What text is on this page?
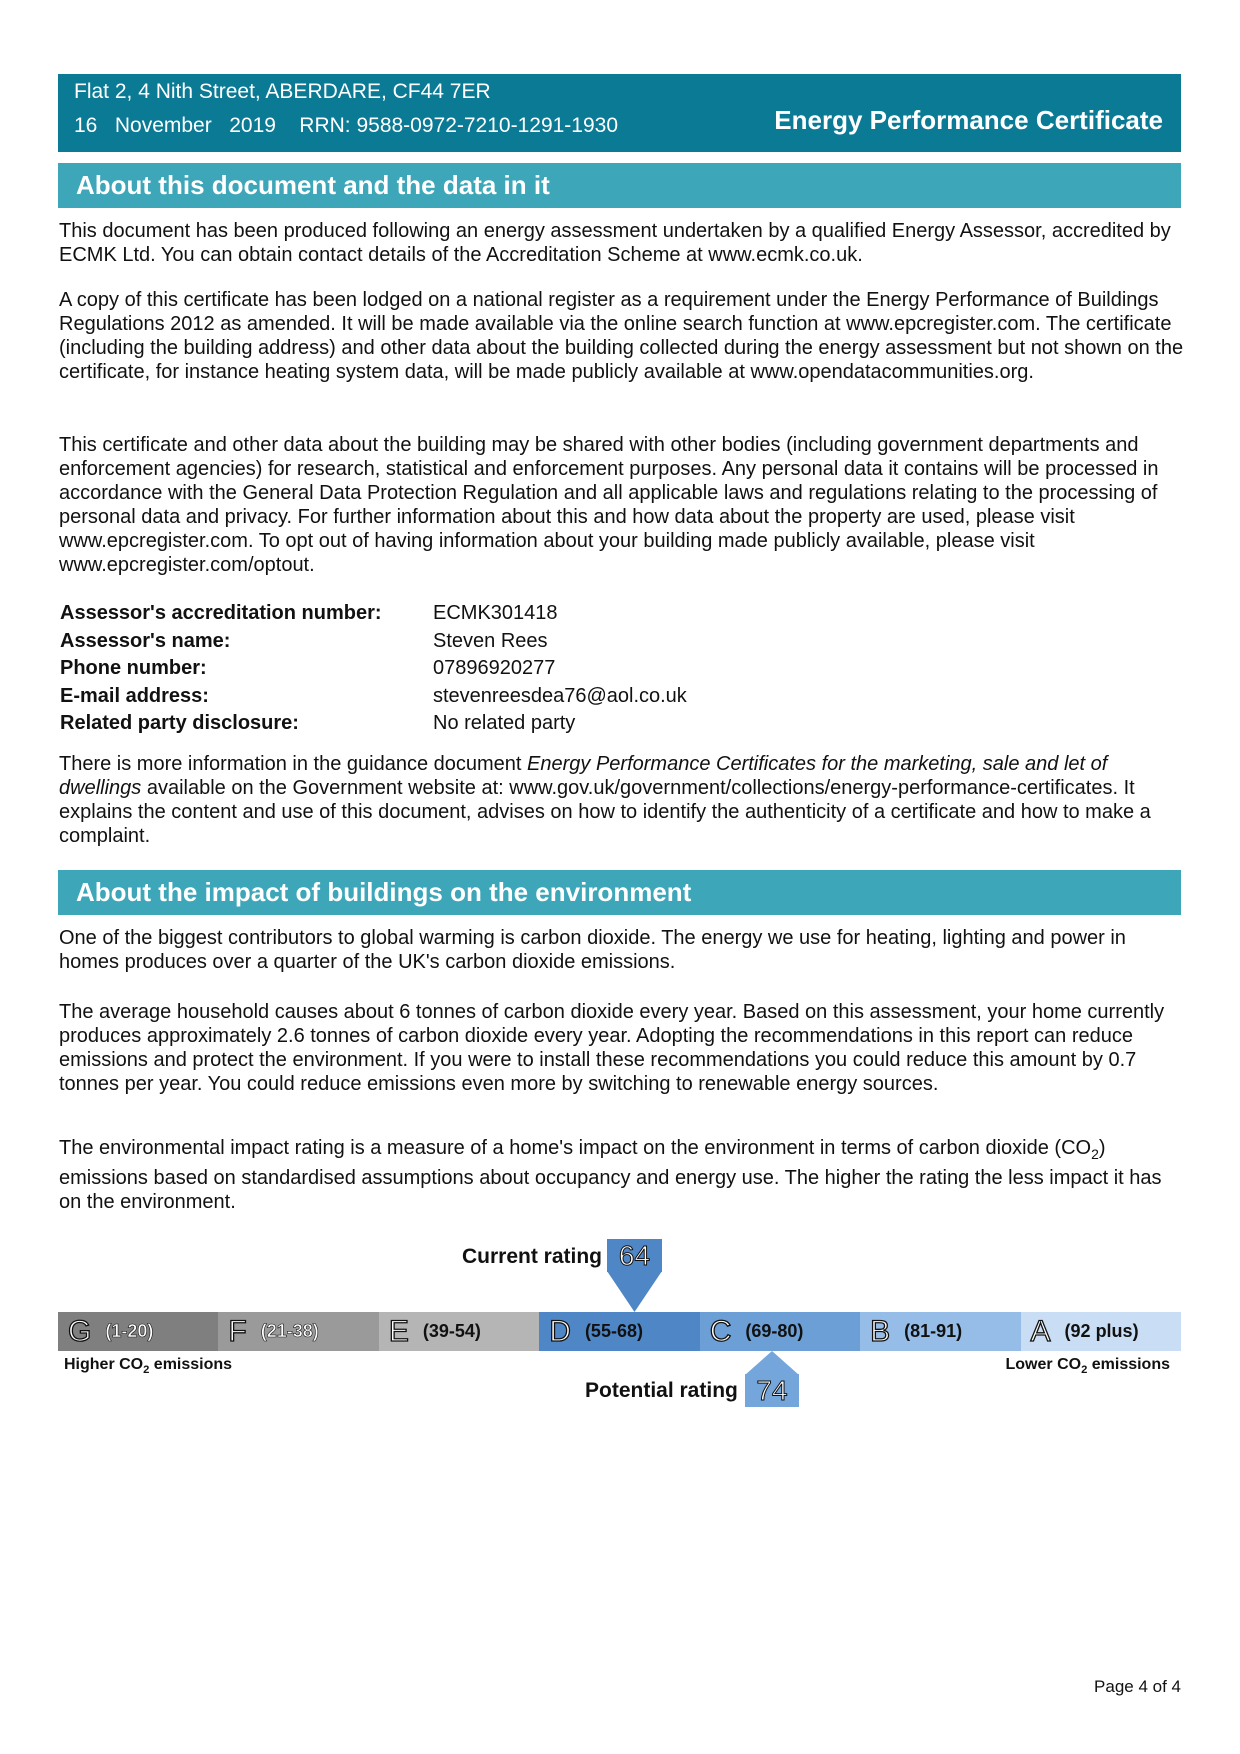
Flat 2, 4 Nith Street, ABERDARE, CF44 7ER
16   November   2019 RRN: 9588-0972-7210-1291-1930	Energy Performance Certificate
About this document and the data in it

This document has been produced following an energy assessment undertaken by a qualified Energy Assessor, accredited by ECMK Ltd. You can obtain contact details of the Accreditation Scheme at www.ecmk.co.uk.

A copy of this certificate has been lodged on a national register as a requirement under the Energy Performance of Buildings Regulations 2012 as amended. It will be made available via the online search function at www.epcregister.com. The certificate (including the building address) and other data about the building collected during the energy assessment but not shown on the certificate, for instance heating system data, will be made publicly available at www.opendatacommunities.org.

This certificate and other data about the building may be shared with other bodies (including government departments and enforcement agencies) for research, statistical and enforcement purposes. Any personal data it contains will be processed in accordance with the General Data Protection Regulation and all applicable laws and regulations relating to the processing of personal data and privacy. For further information about this and how data about the property are used, please visit www.epcregister.com. To opt out of having information about your building made publicly available, please visit www.epcregister.com/optout.

Assessor's accreditation number:	ECMK301418
Assessor's name:	Steven Rees
Phone number:	07896920277
E-mail address:	stevenreesdea76@aol.co.uk
Related party disclosure:	No related party

There is more information in the guidance document Energy Performance Certificates for the marketing, sale and let of dwellings available on the Government website at: www.gov.uk/government/collections/energy-performance-certificates. It explains the content and use of this document, advises on how to identify the authenticity of a certificate and how to make a complaint.

About the impact of buildings on the environment

One of the biggest contributors to global warming is carbon dioxide. The energy we use for heating, lighting and power in homes produces over a quarter of the UK's carbon dioxide emissions.

The average household causes about 6 tonnes of carbon dioxide every year. Based on this assessment, your home currently produces approximately 2.6 tonnes of carbon dioxide every year. Adopting the recommendations in this report can reduce emissions and protect the environment. If you were to install these recommendations you could reduce this amount by 0.7 tonnes per year. You could reduce emissions even more by switching to renewable energy sources.

The environmental impact rating is a measure of a home's impact on the environment in terms of carbon dioxide $(CO_2)$ emissions based on standardised assumptions about occupancy and energy use. The higher the rating the less impact it has on the environment.

Current rating 64
G (1-20)	F (21-38) E (39-54) D (55-68) C (69-80) B (81-91) A (92 plus)
Higher $CO_2$ emissions	Lower $CO_2$ emissions
74
Potential rating
Page 4 of 4
